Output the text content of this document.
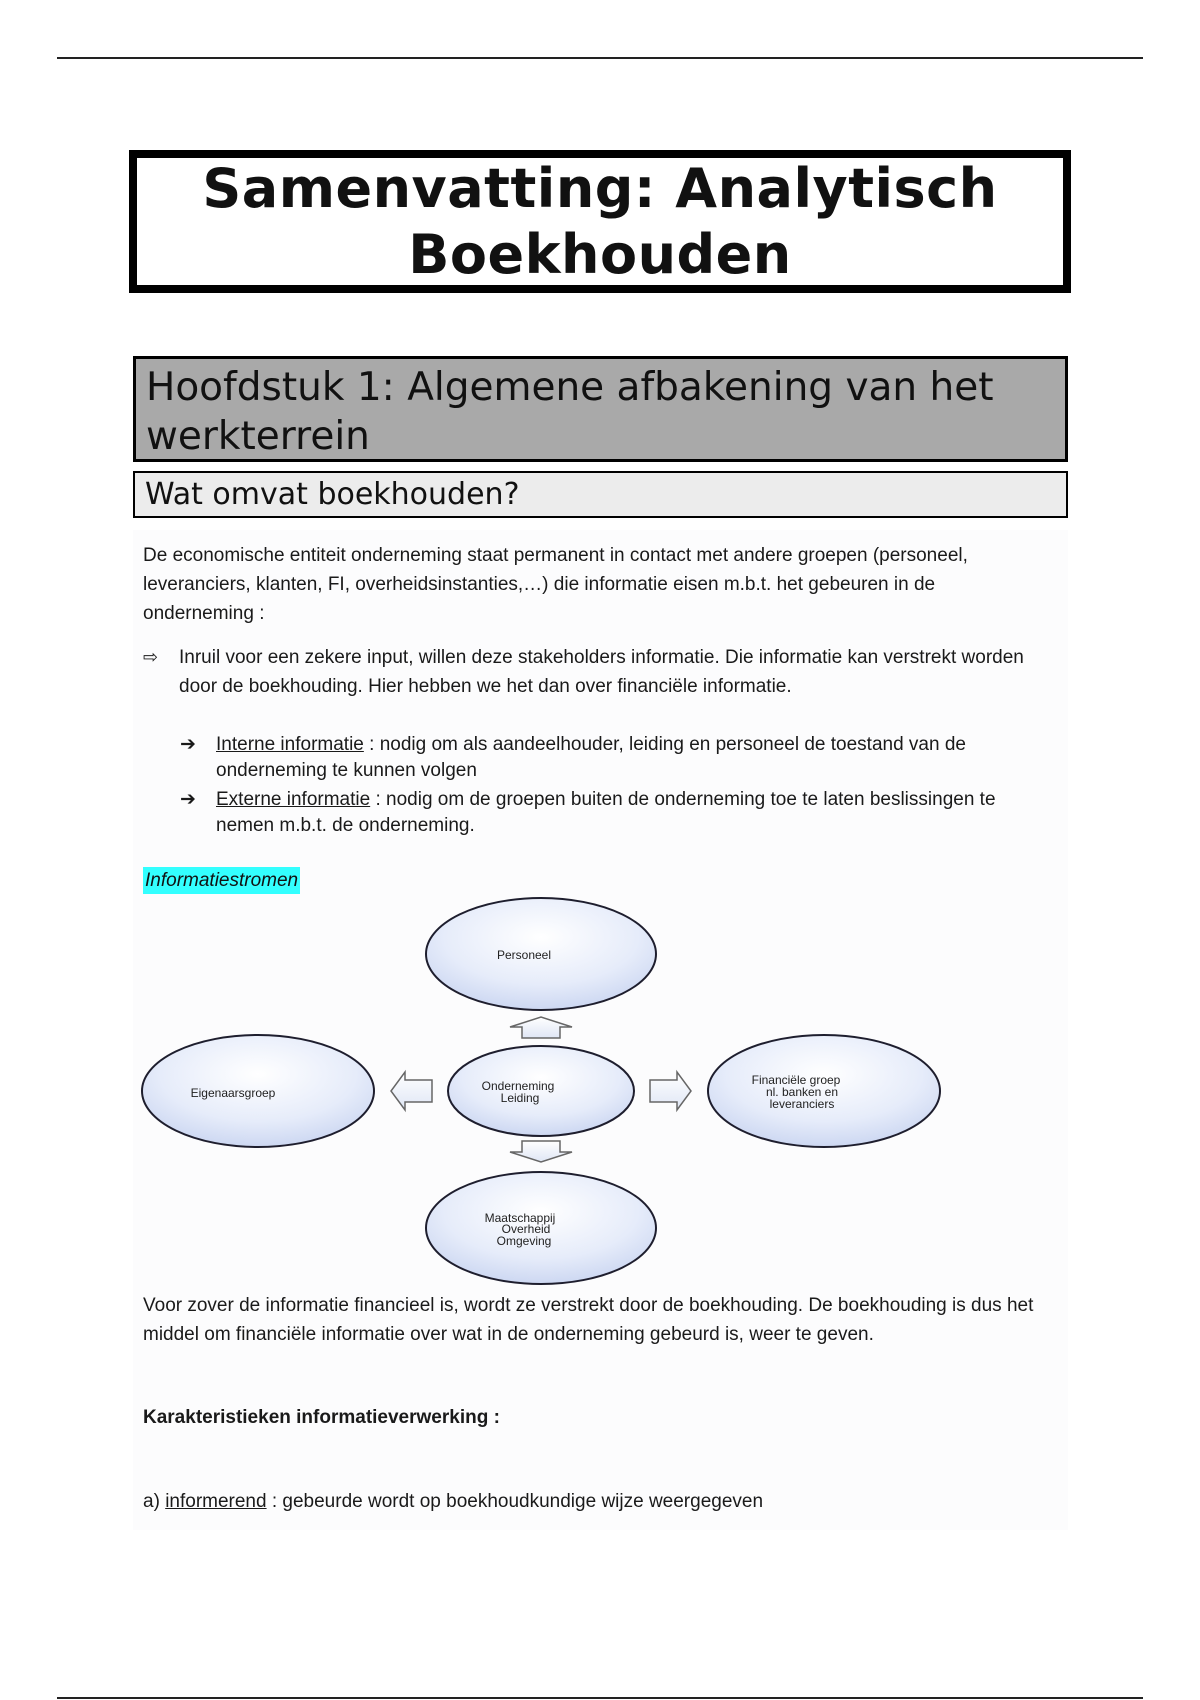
Samenvatting: Analytisch Boekhouden
Hoofdstuk 1: Algemene afbakening van het werkterrein
Wat omvat boekhouden?

De economische entiteit onderneming staat permanent in contact met andere groepen (personeel, leveranciers, klanten, FI, overheidsinstanties,…) die informatie eisen m.b.t. het gebeuren in de onderneming :

⇨	Inruil voor een zekere input, willen deze stakeholders informatie. Die informatie kan verstrekt worden door de boekhouding. Hier hebben we het dan over financiële informatie.
➔	Interne informatie : nodig om als aandeelhouder, leiding en personeel de toestand van de onderneming te kunnen volgen
➔	Externe informatie : nodig om de groepen buiten de onderneming toe te laten beslissingen te nemen m.b.t. de onderneming.
Informatiestromen
Personeel
Eigenaarsgroep	Onderneming
Leiding
Financiële groep
nl. banken en
leveranciers
Maatschappij
Overheid
Omgeving

Voor zover de informatie financieel is, wordt ze verstrekt door de boekhouding. De boekhouding is dus het middel om financiële informatie over wat in de onderneming gebeurd is, weer te geven.

Karakteristieken informatieverwerking :

a) informerend : gebeurde wordt op boekhoudkundige wijze weergegeven
